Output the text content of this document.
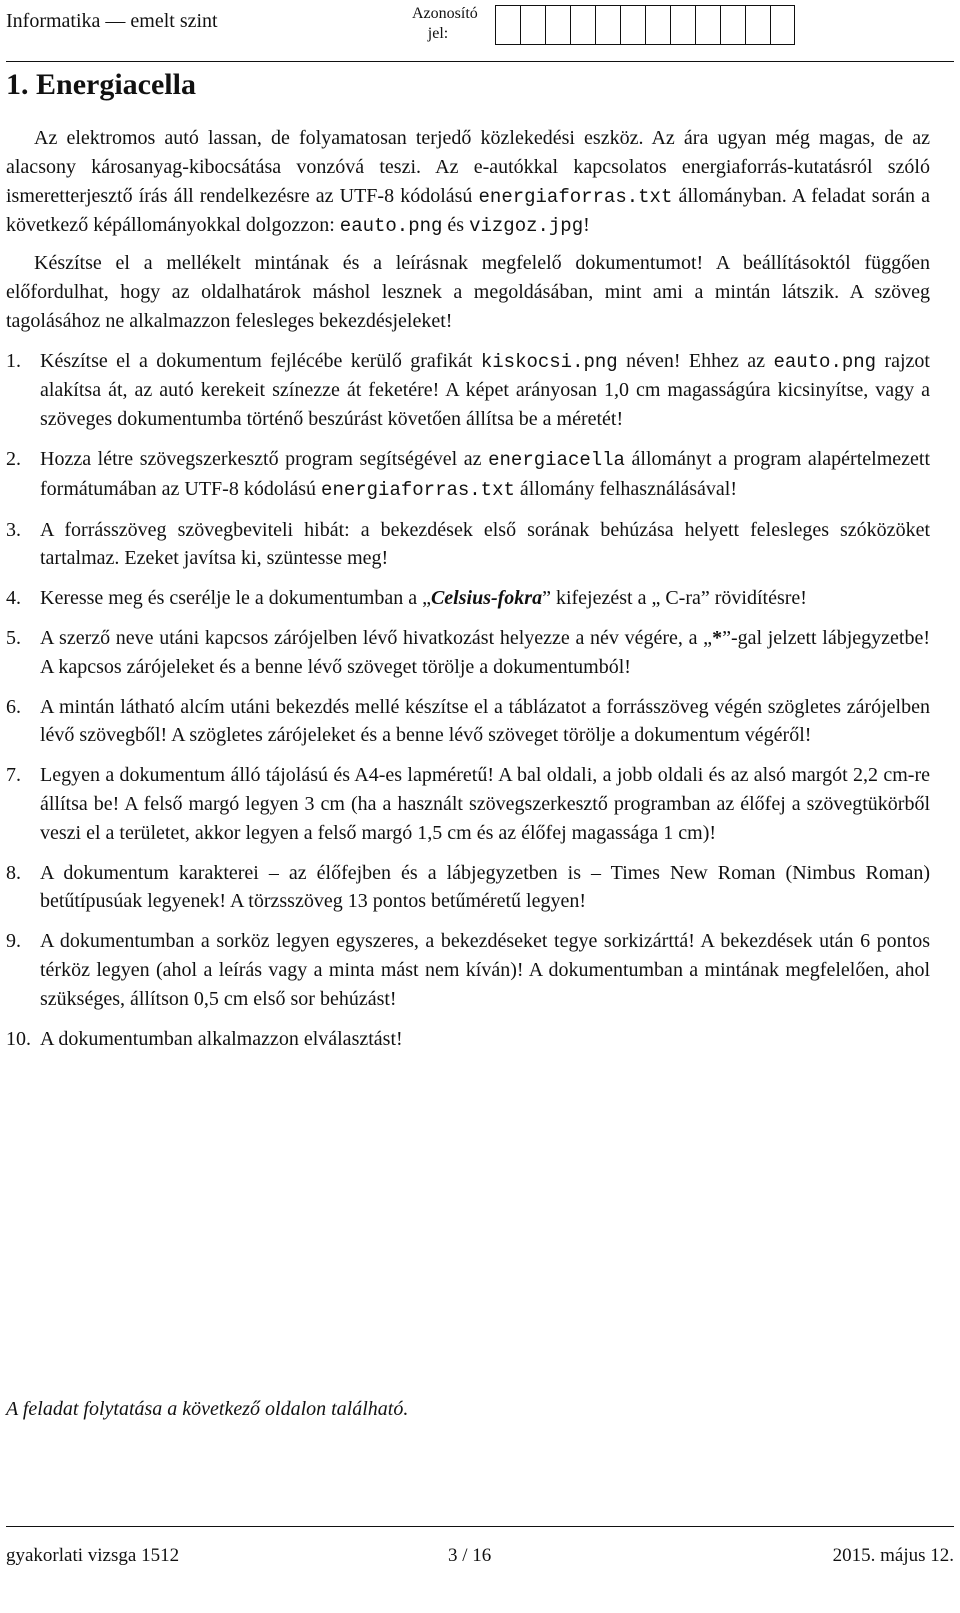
Informatika — emelt szint	Azonosító jel:
1. Energiacella

Az elektromos autó lassan, de folyamatosan terjedő közlekedési eszköz. Az ára ugyan még magas, de az alacsony károsanyag-kibocsátása vonzóvá teszi. Az e-autókkal kapcsolatos energiaforrás-kutatásról szóló ismeretterjesztő írás áll rendelkezésre az UTF-8 kódolású energiaforras.txt állományban. A feladat során a következő képállományokkal dolgozzon: eauto.png és vizgoz.jpg!

Készítse el a mellékelt mintának és a leírásnak megfelelő dokumentumot! A beállításoktól függően előfordulhat, hogy az oldalhatárok máshol lesznek a megoldásában, mint ami a mintán látszik. A szöveg tagolásához ne alkalmazzon felesleges bekezdésjeleket!

1. Készítse el a dokumentum fejlécébe kerülő grafikát kiskocsi.png néven! Ehhez az eauto.png rajzot alakítsa át, az autó kerekeit színezze át feketére! A képet arányosan 1,0 cm magasságúra kicsinyítse, vagy a szöveges dokumentumba történő beszúrást követően állítsa be a méretét!
2. Hozza létre szövegszerkesztő program segítségével az energiacella állományt a program alapértelmezett formátumában az UTF-8 kódolású energiaforras.txt állomány felhasználásával!
3. A forrásszöveg szövegbeviteli hibát: a bekezdések első sorának behúzása helyett felesleges szóközöket tartalmaz. Ezeket javítsa ki, szüntesse meg!
4. Keresse meg és cserélje le a dokumentumban a „Celsius-fokra” kifejezést a „ C-ra” rövidítésre!
5. A szerző neve utáni kapcsos zárójelben lévő hivatkozást helyezze a név végére, a „*”-gal jelzett lábjegyzetbe! A kapcsos zárójeleket és a benne lévő szöveget törölje a dokumentumból!
6. A mintán látható alcím utáni bekezdés mellé készítse el a táblázatot a forrásszöveg végén szögletes zárójelben lévő szövegből! A szögletes zárójeleket és a benne lévő szöveget törölje a dokumentum végéről!
7. Legyen a dokumentum álló tájolású és A4-es lapméretű! A bal oldali, a jobb oldali és az alsó margót 2,2 cm-re állítsa be! A felső margó legyen 3 cm (ha a használt szövegszerkesztő programban az élőfej a szövegtükörből veszi el a területet, akkor legyen a felső margó 1,5 cm és az élőfej magassága 1 cm)!
8. A dokumentum karakterei – az élőfejben és a lábjegyzetben is – Times New Roman (Nimbus Roman) betűtípusúak legyenek! A törzsszöveg 13 pontos betűméretű legyen!
9. A dokumentumban a sorköz legyen egyszeres, a bekezdéseket tegye sorkizárttá! A bekezdések után 6 pontos térköz legyen (ahol a leírás vagy a minta mást nem kíván)! A dokumentumban a mintának megfelelően, ahol szükséges, állítson 0,5 cm első sor behúzást!
10. A dokumentumban alkalmazzon elválasztást!
A feladat folytatása a következő oldalon található.
gyakorlati vizsga 1512	3 / 16	2015. május 12.
